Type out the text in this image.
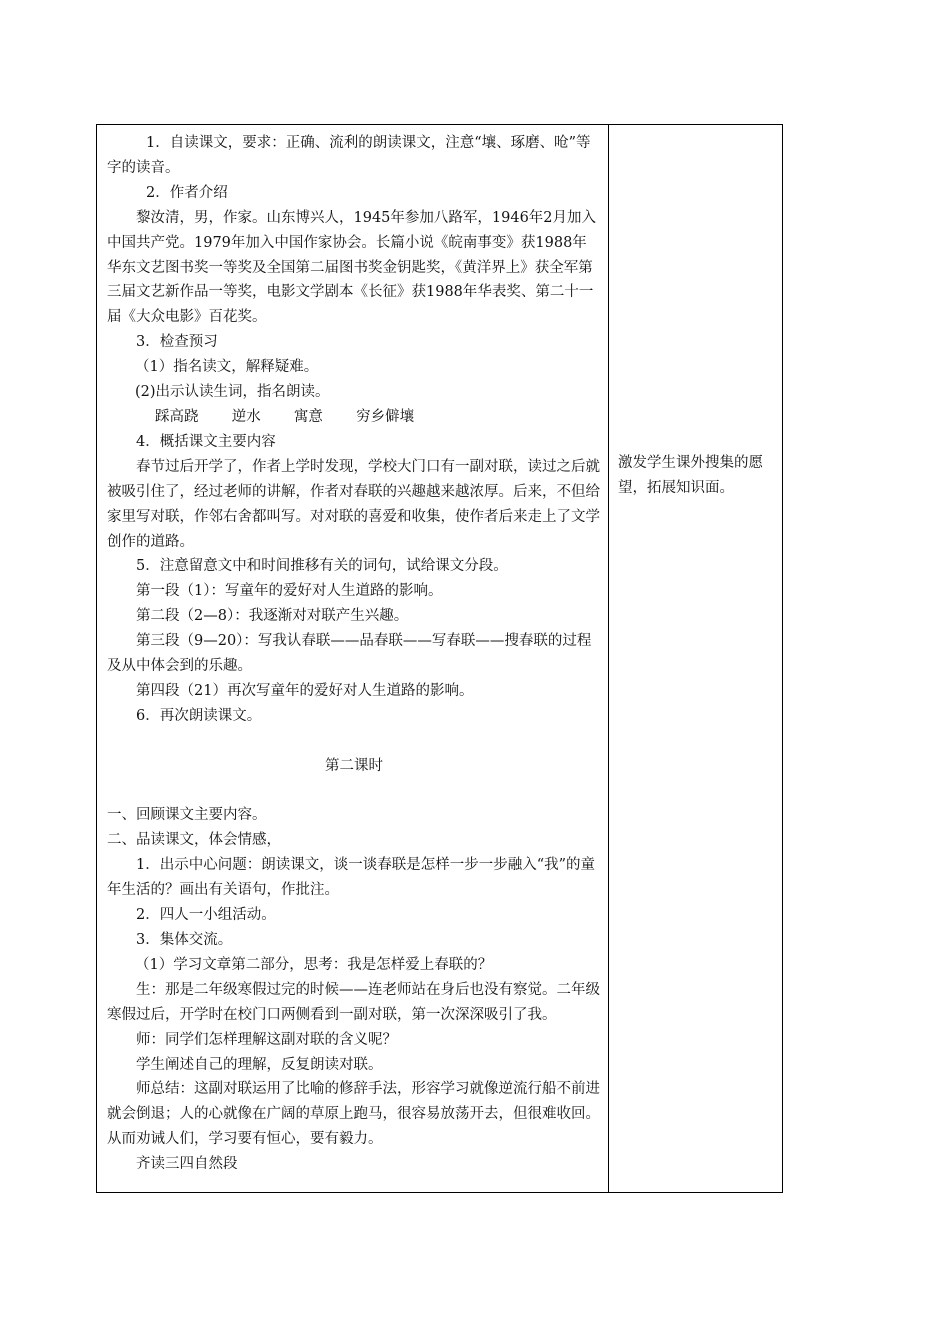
1．自读课文，要求：正确、流利的朗读课文，注意“壤、琢磨、呛”等字的读音。
2．作者介绍
黎汝清，男，作家。山东博兴人，1945年参加八路军，1946年2月加入中国共产党。1979年加入中国作家协会。长篇小说《皖南事变》获1988年华东文艺图书奖一等奖及全国第二届图书奖金钥匙奖，《黄洋界上》获全军第三届文艺新作品一等奖，电影文学剧本《长征》获1988年华表奖、第二十一届《大众电影》百花奖。
3．检查预习
（1）指名读文，解释疑难。
(2)出示认读生词，指名朗读。
踩高跷  逆水  寓意  穷乡僻壤
4．概括课文主要内容
春节过后开学了，作者上学时发现，学校大门口有一副对联，读过之后就被吸引住了，经过老师的讲解，作者对春联的兴趣越来越浓厚。后来，不但给家里写对联，作邻右舍都叫写。对对联的喜爱和收集，使作者后来走上了文学创作的道路。
5．注意留意文中和时间推移有关的词句，试给课文分段。
第一段（1）：写童年的爱好对人生道路的影响。
第二段（2—8）：我逐渐对对联产生兴趣。
第三段（9—20）：写我认春联——品春联——写春联——搜春联的过程及从中体会到的乐趣。
第四段（21）再次写童年的爱好对人生道路的影响。
6．再次朗读课文。
第二课时
一、回顾课文主要内容。
二、品读课文，体会情感，
1．出示中心问题：朗读课文，谈一谈春联是怎样一步一步融入“我”的童年生活的？画出有关语句，作批注。
2．四人一小组活动。
3．集体交流。
（1）学习文章第二部分，思考：我是怎样爱上春联的？
生：那是二年级寒假过完的时候——连老师站在身后也没有察觉。二年级寒假过后，开学时在校门口两侧看到一副对联，第一次深深吸引了我。
师：同学们怎样理解这副对联的含义呢？
学生阐述自己的理解，反复朗读对联。
师总结：这副对联运用了比喻的修辞手法，形容学习就像逆流行船不前进就会倒退；人的心就像在广阔的草原上跑马，很容易放荡开去，但很难收回。从而劝诫人们，学习要有恒心，要有毅力。
齐读三四自然段
激发学生课外搜集的愿望，拓展知识面。
